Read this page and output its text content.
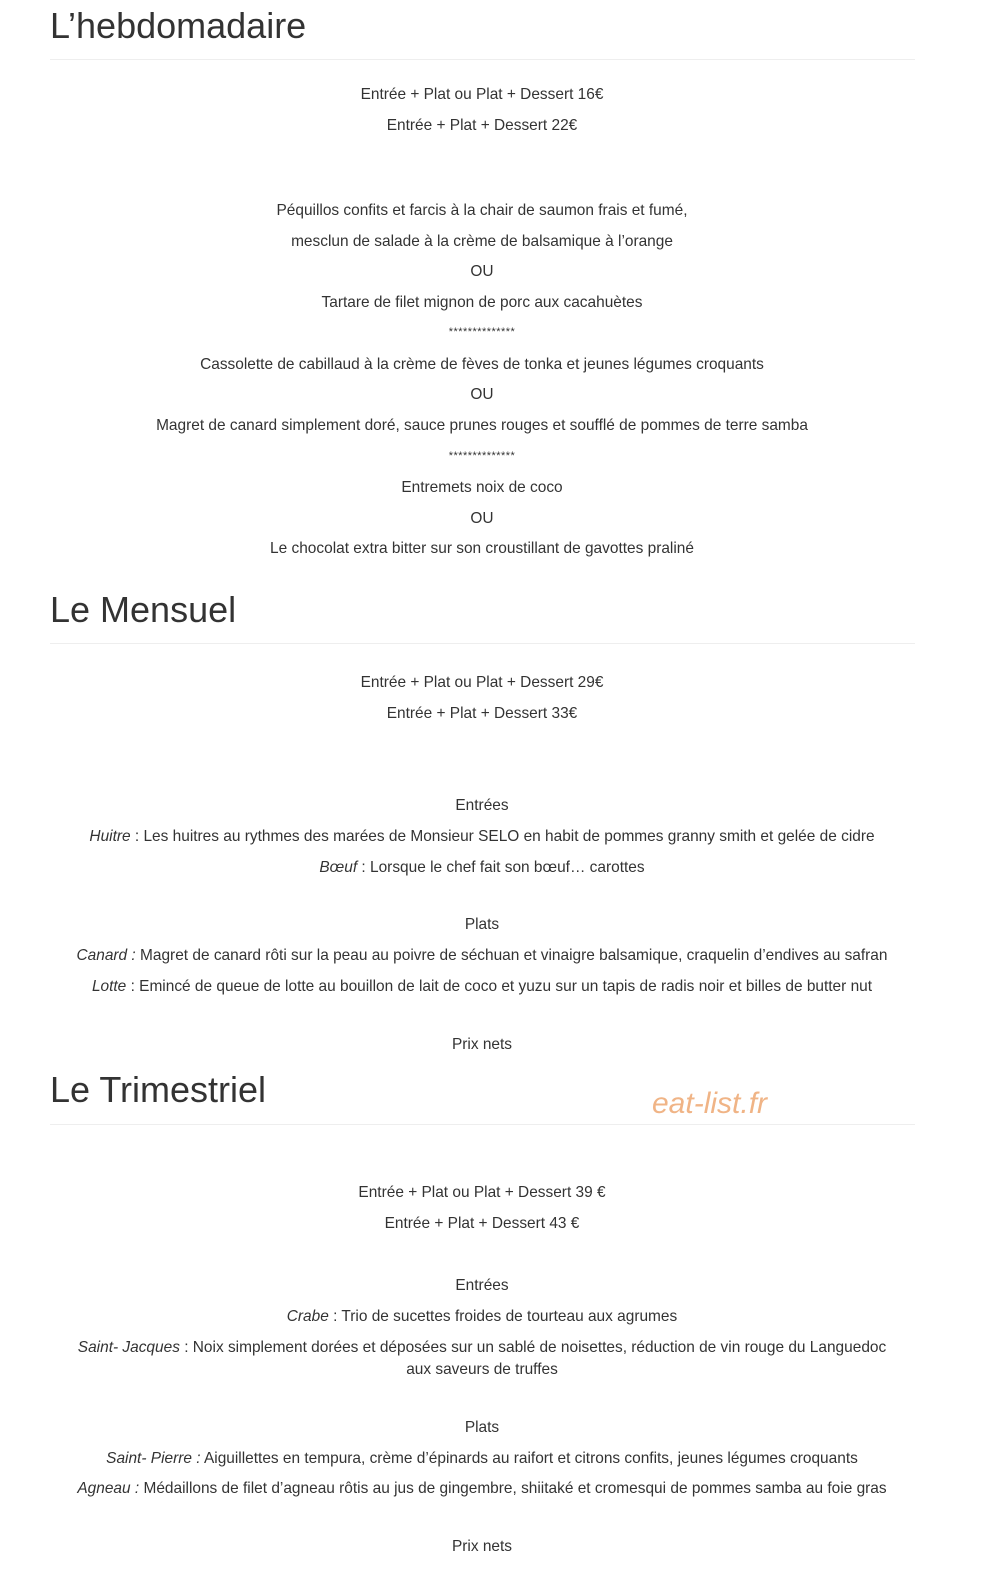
L’hebdomadaire
Entrée + Plat ou Plat + Dessert 16€
Entrée + Plat + Dessert 22€
Péquillos confits et farcis à la chair de saumon frais et fumé,
mesclun de salade à la crème de balsamique à l’orange
OU
Tartare de filet mignon de porc aux cacahuètes
**************
Cassolette de cabillaud à la crème de fèves de tonka et jeunes légumes croquants
OU
Magret de canard simplement doré, sauce prunes rouges et soufflé de pommes de terre samba
**************
Entremets noix de coco
OU
Le chocolat extra bitter sur son croustillant de gavottes praliné
Le Mensuel
Entrée + Plat ou Plat + Dessert 29€
Entrée + Plat + Dessert 33€
Entrées
Huitre : Les huitres au rythmes des marées de Monsieur SELO en habit de pommes granny smith et gelée de cidre
Bœuf : Lorsque le chef fait son bœuf… carottes
Plats
Canard : Magret de canard rôti sur la peau au poivre de séchuan et vinaigre balsamique, craquelin d’endives au safran
Lotte : Emincé de queue de lotte au bouillon de lait de coco et yuzu sur un tapis de radis noir et billes de butter nut
Prix nets
Le Trimestriel	eat-list.fr
Entrée + Plat ou Plat + Dessert 39 €
Entrée + Plat + Dessert 43 €
Entrées
Crabe : Trio de sucettes froides de tourteau aux agrumes
Saint- Jacques : Noix simplement dorées et déposées sur un sablé de noisettes, réduction de vin rouge du Languedoc
aux saveurs de truffes
Plats
Saint- Pierre : Aiguillettes en tempura, crème d’épinards au raifort et citrons confits, jeunes légumes croquants
Agneau : Médaillons de filet d’agneau rôtis au jus de gingembre, shiitaké et cromesqui de pommes samba au foie gras
Prix nets
